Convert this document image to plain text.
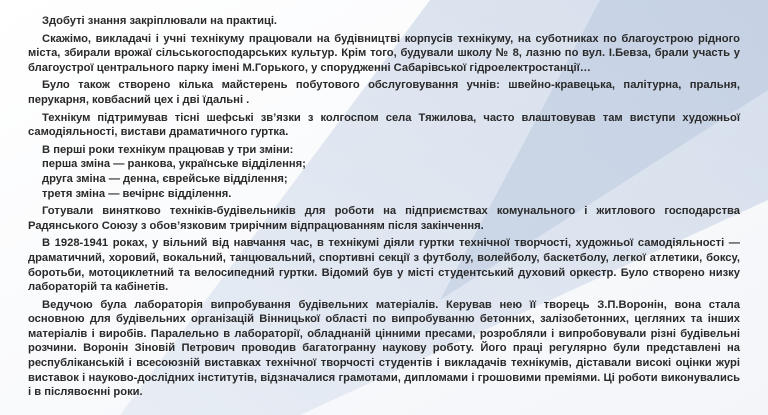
Здобуті знання закріплювали на практиці.

Скажімо, викладачі і учні технікуму працювали на будівництві корпусів технікуму, на суботниках по благоустрою рідного міста, збирали врожаї сільськогосподарських культур. Крім того, будували школу № 8, лазню по вул. І.Бевза, брали участь у благоустрої центрального парку імені М.Горького, у спорудженні Сабарівської гідроелектростанції…

Було також створено кілька майстерень побутового обслуговування учнів: швейно-кравецька, палітурна, пральня, перукарня, ковбасний цех і дві їдальні .

Технікум підтримував тісні шефські зв’язки з колгоспом села Тяжилова, часто влаштовував там виступи художньої самодіяльності, вистави драматичного гуртка.

В перші роки технікум працював у три зміни:

перша зміна — ранкова, українське відділення;

друга зміна — денна, єврейське відділення;

третя зміна — вечірнє відділення.

Готували винятково техніків-будівельників для роботи на підприємствах комунального і житлового господарства Радянського Союзу з обов’язковим трирічним відпрацюванням після закінчення.

В 1928-1941 роках, у вільний від навчання час, в технікумі діяли гуртки технічної творчості, художньої самодіяльності — драматичний, хоровий, вокальний, танцювальний, спортивні секції з футболу, волейболу, баскетболу, легкої атлетики, боксу, боротьби, мотоциклетний та велосипедний гуртки. Відомий був у місті студентський духовий оркестр. Було створено низку лабораторій та кабінетів.

Ведучою була лабораторія випробування будівельних матеріалів. Керував нею її творець З.П.Воронін, вона стала основною для будівельних організацій Вінницької області по випробуванню бетонних, залізобетонних, цегляних та інших матеріалів і виробів. Паралельно в лабораторії, обладнаній цінними пресами, розробляли і випробовували різні будівельні розчини. Воронін Зіновій Петрович проводив багатогранну наукову роботу. Його праці регулярно були представлені на республіканській і всесоюзній виставках технічної творчості студентів і викладачів технікумів, діставали високі оцінки журі виставок і науково-дослідних інститутів, відзначалися грамотами, дипломами і грошовими преміями. Ці роботи виконувались і в післявоєнні роки.
